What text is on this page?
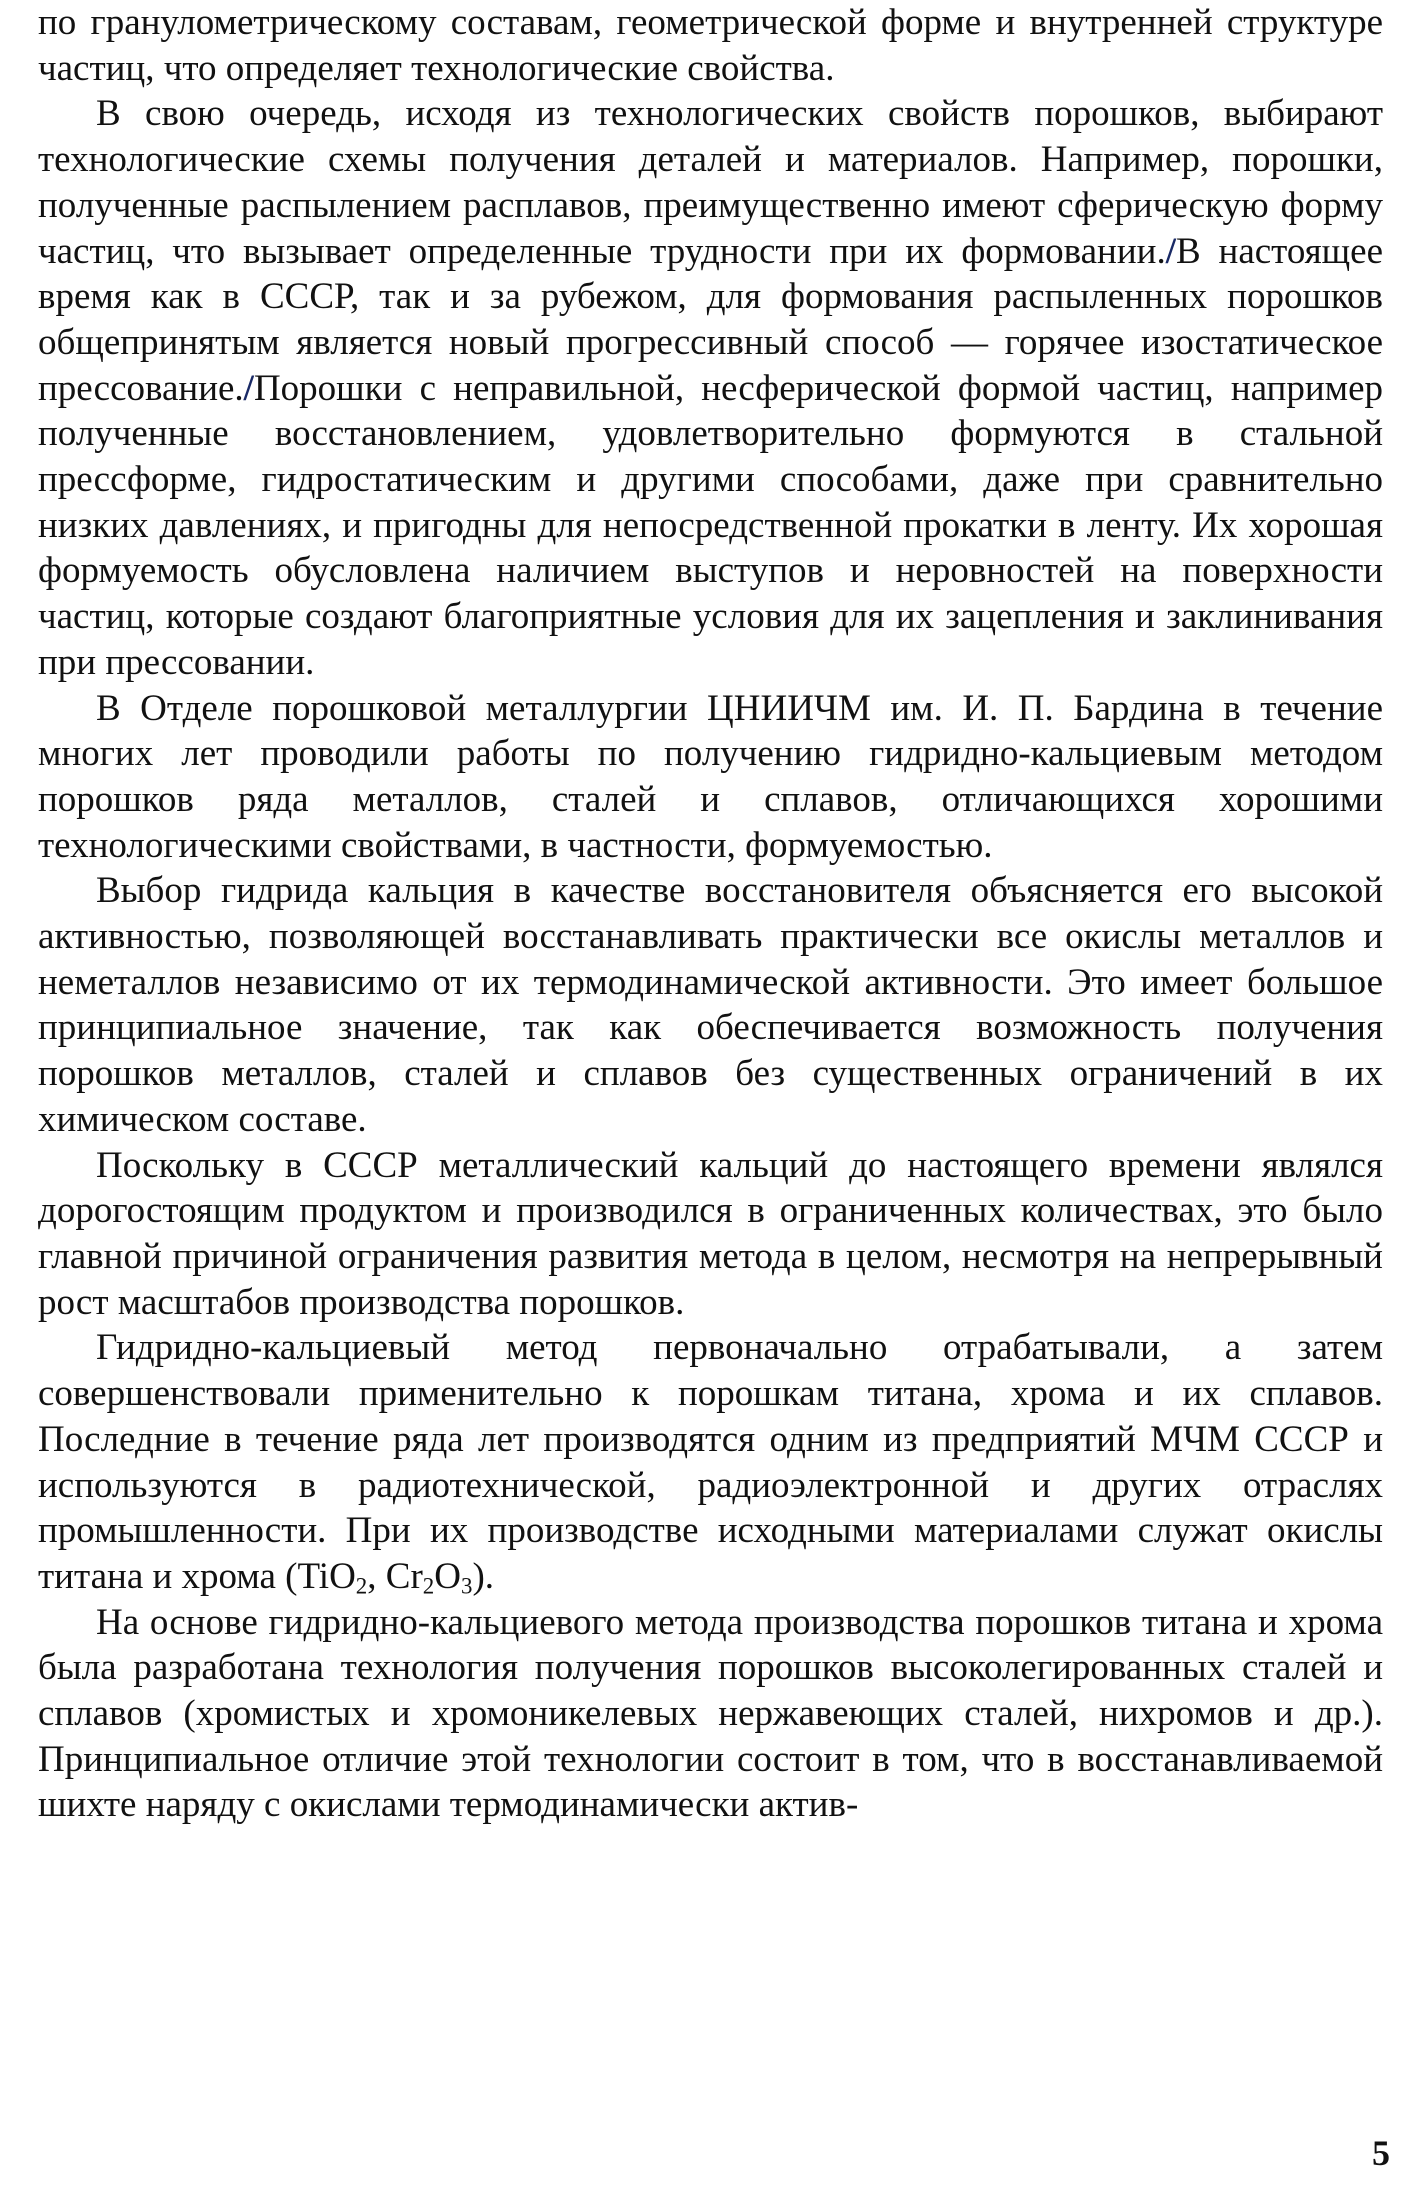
по гранулометрическому составам, геометрической форме и внутренней структуре частиц, что определяет технологические свойства.

В свою очередь, исходя из технологических свойств порошков, выбирают технологические схемы получения деталей и материалов. Например, порошки, полученные распылением расплавов, преимущественно имеют сферическую форму частиц, что вызывает определенные трудности при их формовании./В настоящее время как в СССР, так и за рубежом, для формования распыленных порошков общепринятым является новый прогрессивный способ — горячее изостатическое прессование./Порошки с неправильной, несферической формой частиц, например полученные восстановлением, удовлетворительно формуются в стальной прессформе, гидростатическим и другими способами, даже при сравнительно низких давлениях, и пригодны для непосредственной прокатки в ленту. Их хорошая формуемость обусловлена наличием выступов и неровностей на поверхности частиц, которые создают благоприятные условия для их зацепления и заклинивания при прессовании.

В Отделе порошковой металлургии ЦНИИЧМ им. И. П. Бардина в течение многих лет проводили работы по получению гидридно-кальциевым методом порошков ряда металлов, сталей и сплавов, отличающихся хорошими технологическими свойствами, в частности, формуемостью.

Выбор гидрида кальция в качестве восстановителя объясняется его высокой активностью, позволяющей восстанавливать практически все окислы металлов и неметаллов независимо от их термодинамической активности. Это имеет большое принципиальное значение, так как обеспечивается возможность получения порошков металлов, сталей и сплавов без существенных ограничений в их химическом составе.

Поскольку в СССР металлический кальций до настоящего времени являлся дорогостоящим продуктом и производился в ограниченных количествах, это было главной причиной ограничения развития метода в целом, несмотря на непрерывный рост масштабов производства порошков.

Гидридно-кальциевый метод первоначально отрабатывали, а затем совершенствовали применительно к порошкам титана, хрома и их сплавов. Последние в течение ряда лет производятся одним из предприятий МЧМ СССР и используются в радиотехнической, радиоэлектронной и других отраслях промышленности. При их производстве исходными материалами служат окислы титана и хрома (TiO$_2$, $Cr_2O_3$).

На основе гидридно-кальциевого метода производства порошков титана и хрома была разработана технология получения порошков высоколегированных сталей и сплавов (хромистых и хромоникелевых нержавеющих сталей, нихромов и др.). Принципиальное отличие этой технологии состоит в том, что в восстанавливаемой шихте наряду с окислами термодинамически актив-

5
